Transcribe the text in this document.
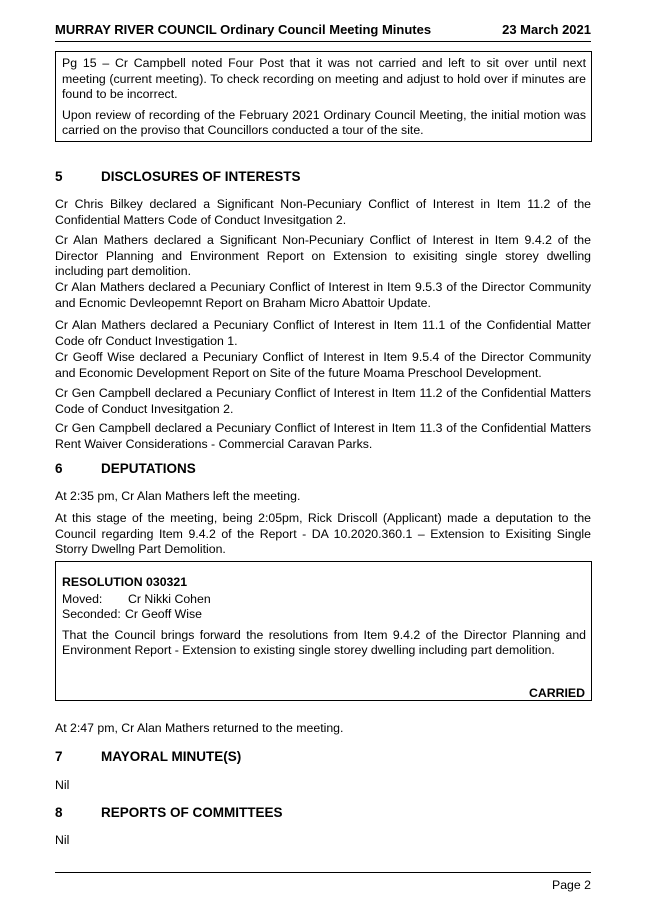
MURRAY RIVER COUNCIL Ordinary Council Meeting Minutes	23 March 2021

Pg 15 – Cr Campbell noted Four Post that it was not carried and left to sit over until next meeting (current meeting). To check recording on meeting and adjust to hold over if minutes are found to be incorrect.

Upon review of recording of the February 2021 Ordinary Council Meeting, the initial motion was carried on the proviso that Councillors conducted a tour of the site.

5	DISCLOSURES OF INTERESTS
Cr Chris Bilkey declared a Significant Non-Pecuniary Conflict of Interest in Item 11.2 of the Confidential Matters Code of Conduct Invesitgation 2.
Cr Alan Mathers declared a Significant Non-Pecuniary Conflict of Interest in Item 9.4.2 of the Director Planning and Environment Report on Extension to exisiting single storey dwelling including part demolition.
Cr Alan Mathers declared a Pecuniary Conflict of Interest in Item 9.5.3 of the Director Community and Ecnomic Devleopemnt Report on Braham Micro Abattoir Update.
Cr Alan Mathers declared a Pecuniary Conflict of Interest in Item 11.1 of the Confidential Matter Code ofr Conduct Investigation 1.
Cr Geoff Wise declared a Pecuniary Conflict of Interest in Item 9.5.4 of the Director Community and Economic Development Report on Site of the future Moama Preschool Development.
Cr Gen Campbell declared a Pecuniary Conflict of Interest in Item 11.2 of the Confidential Matters Code of Conduct Invesitgation 2.
Cr Gen Campbell declared a Pecuniary Conflict of Interest in Item 11.3 of the Confidential Matters Rent Waiver Considerations - Commercial Caravan Parks.
6	DEPUTATIONS
At 2:35 pm, Cr Alan Mathers left the meeting.
At this stage of the meeting, being 2:05pm, Rick Driscoll (Applicant) made a deputation to the Council regarding Item 9.4.2 of the Report - DA 10.2020.360.1 – Extension to Exisiting Single Storry Dwellng Part Demolition.
RESOLUTION 030321
Moved: Cr Nikki Cohen
Seconded: Cr Geoff Wise
That the Council brings forward the resolutions from Item 9.4.2 of the Director Planning and Environment Report - Extension to existing single storey dwelling including part demolition.
CARRIED
At 2:47 pm, Cr Alan Mathers returned to the meeting.
7	MAYORAL MINUTE(S)
Nil
8	REPORTS OF COMMITTEES
Nil
Page 2
